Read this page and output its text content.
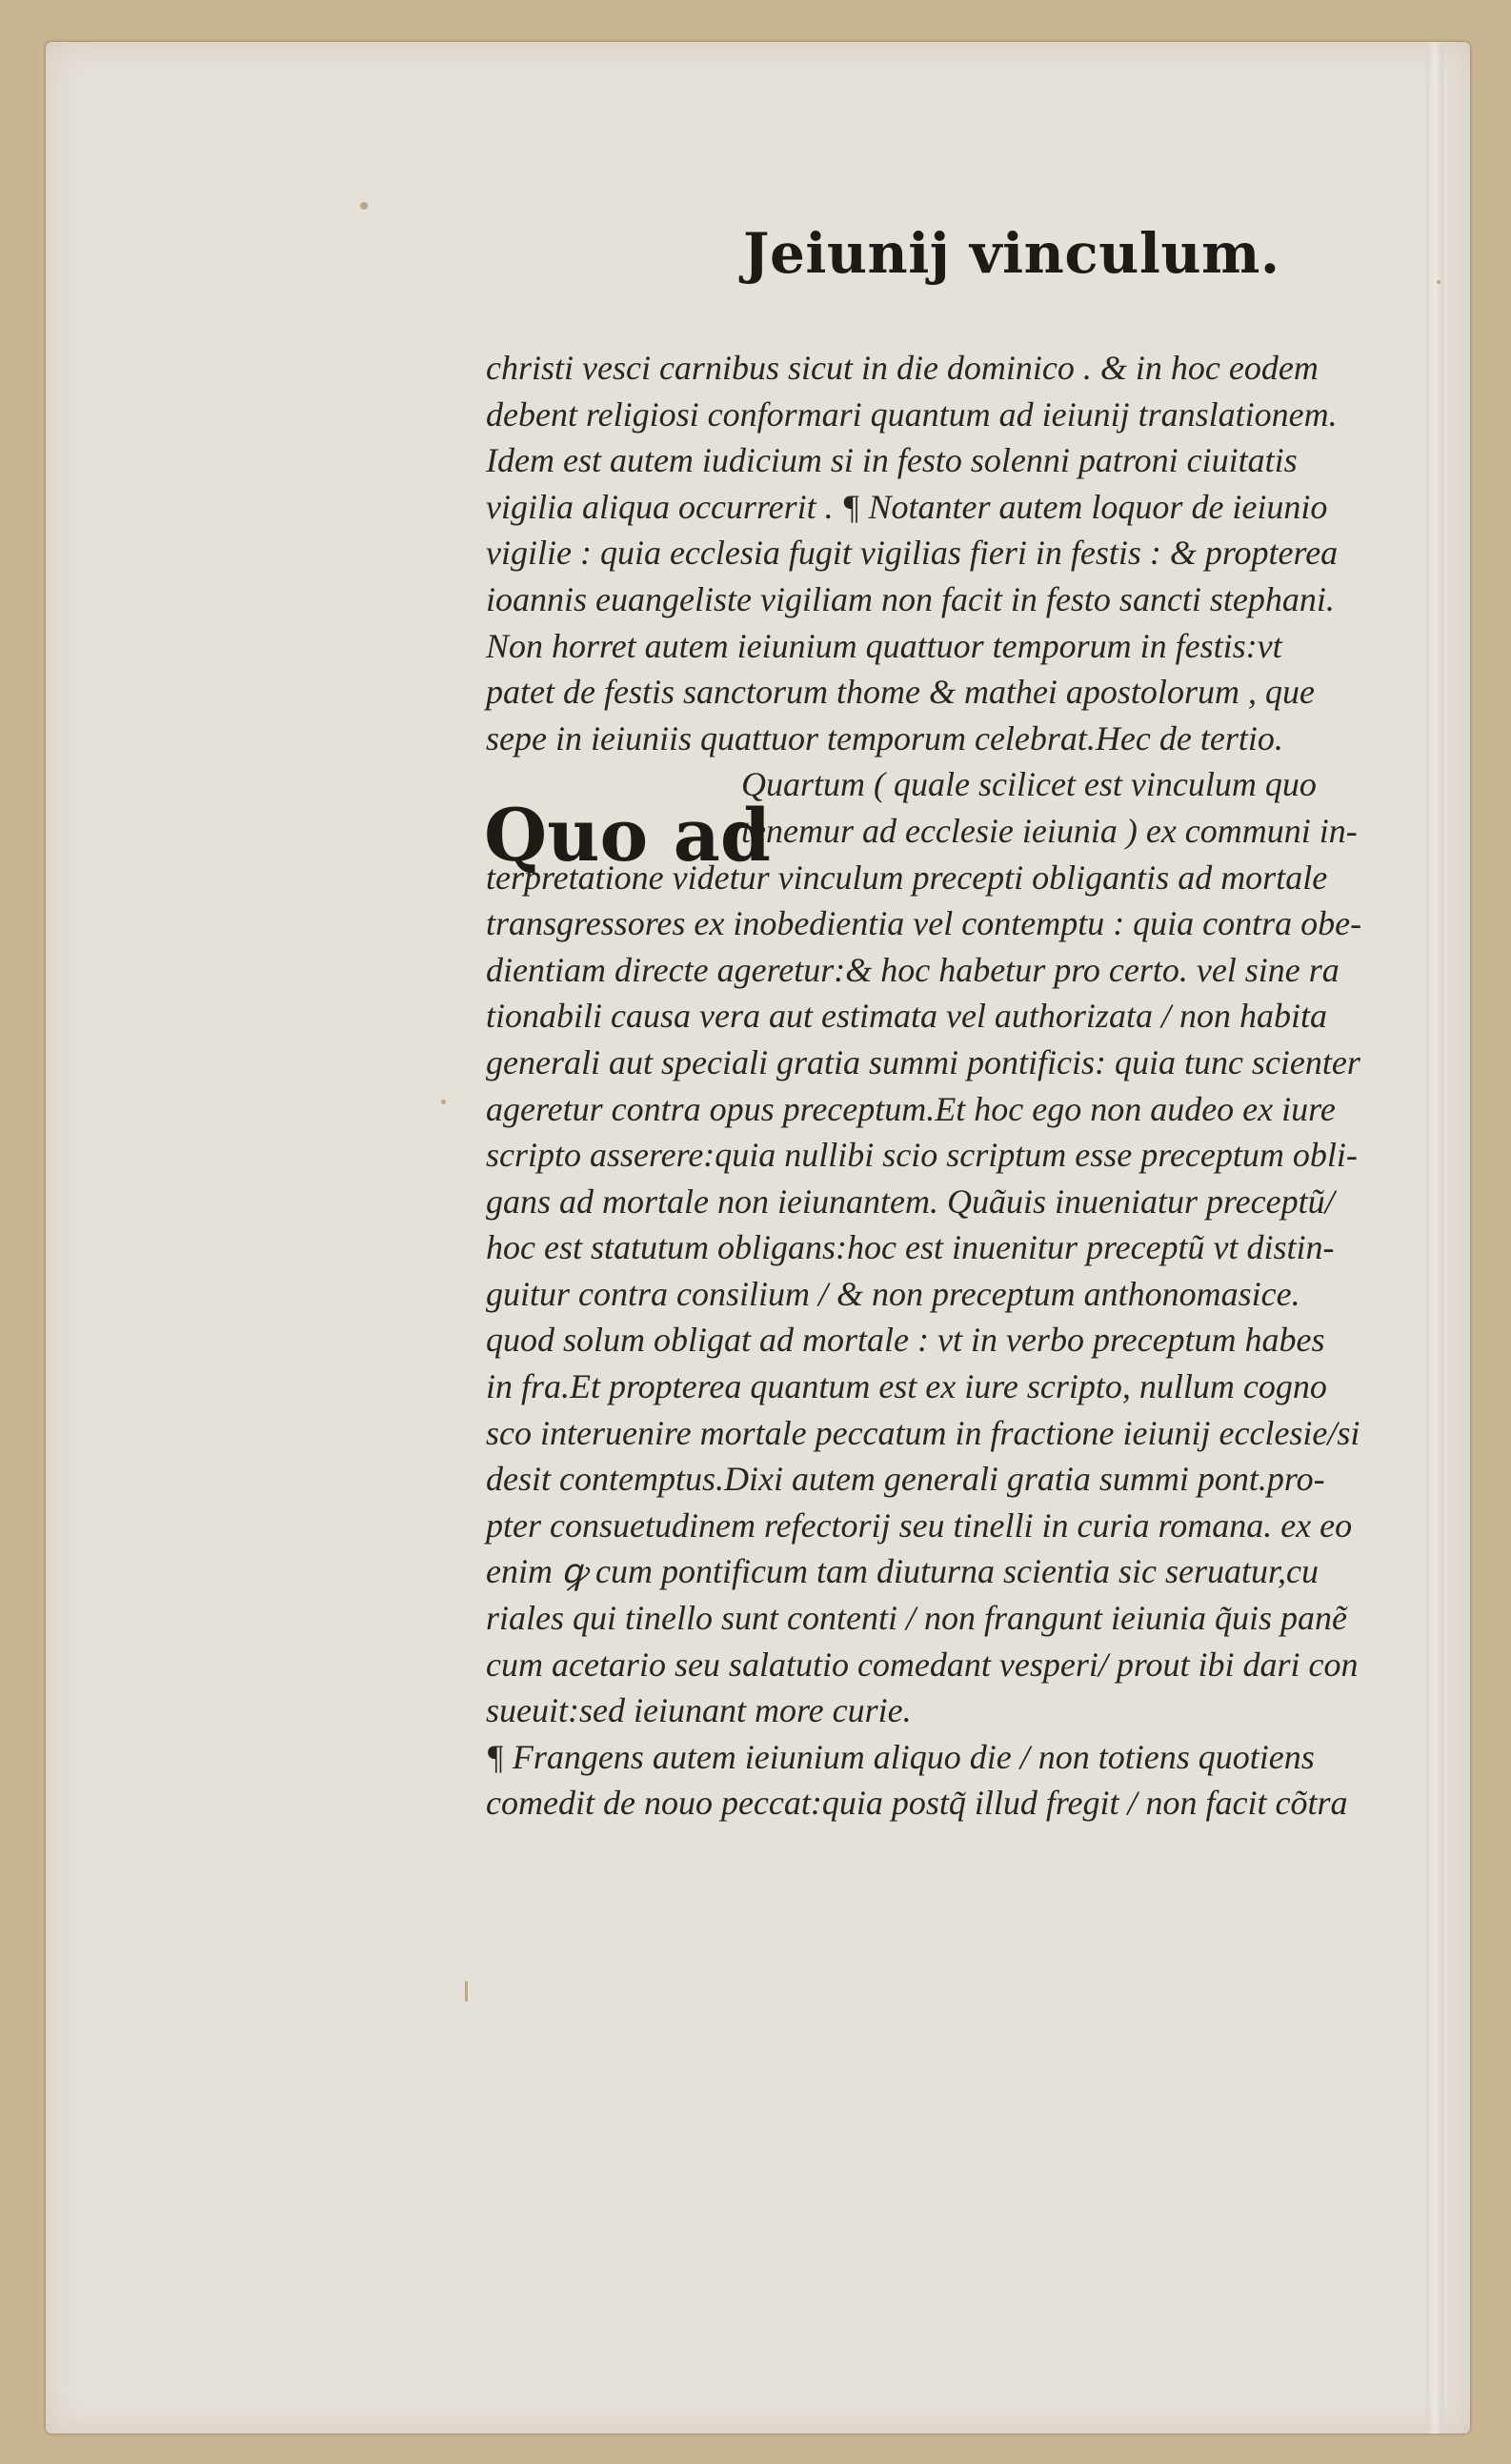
Jeiunij vinculum.
christi vesci carnibus sicut in die dominico . & in hoc eodem
debent religiosi conformari quantum ad ieiunij translationem.
Idem est autem iudicium si in festo solenni patroni ciuitatis
vigilia aliqua occurrerit . ¶ Notanter autem loquor de ieiunio
vigilie : quia ecclesia fugit vigilias fieri in festis : & propterea
ioannis euangeliste vigiliam non facit in festo sancti stephani.
Non horret autem ieiunium quattuor temporum in festis:vt
patet de festis sanctorum thome & mathei apostolorum , que
sepe in ieiuniis quattuor temporum celebrat.Hec de tertio.
Quo ad
Quartum ( quale scilicet est vinculum quo
tenemur ad ecclesie ieiunia ) ex communi in-
terpretatione videtur vinculum precepti obligantis ad mortale
transgressores ex inobedientia vel contemptu : quia contra obe-
dientiam directe ageretur:& hoc habetur pro certo. vel sine ra
tionabili causa vera aut estimata vel authorizata / non habita
generali aut speciali gratia summi pontificis: quia tunc scienter
ageretur contra opus preceptum.Et hoc ego non audeo ex iure
scripto asserere:quia nullibi scio scriptum esse preceptum obli-
gans ad mortale non ieiunantem. Quãuis inueniatur preceptũ/
hoc est statutum obligans:hoc est inuenitur preceptũ vt distin-
guitur contra consilium / & non preceptum anthonomasice.
quod solum obligat ad mortale : vt in verbo preceptum habes
in fra.Et propterea quantum est ex iure scripto, nullum cogno
sco interuenire mortale peccatum in fractione ieiunij ecclesie/si
desit contemptus.Dixi autem generali gratia summi pont.pro-
pter consuetudinem refectorij seu tinelli in curia romana. ex eo
enim ꝙ cum pontificum tam diuturna scientia sic seruatur,cu
riales qui tinello sunt contenti / non frangunt ieiunia q̃uis panẽ
cum acetario seu salatutio comedant vesperi/ prout ibi dari con
sueuit:sed ieiunant more curie.
¶ Frangens autem ieiunium aliquo die / non totiens quotiens
comedit de nouo peccat:quia postq̃ illud fregit / non facit cõtra
